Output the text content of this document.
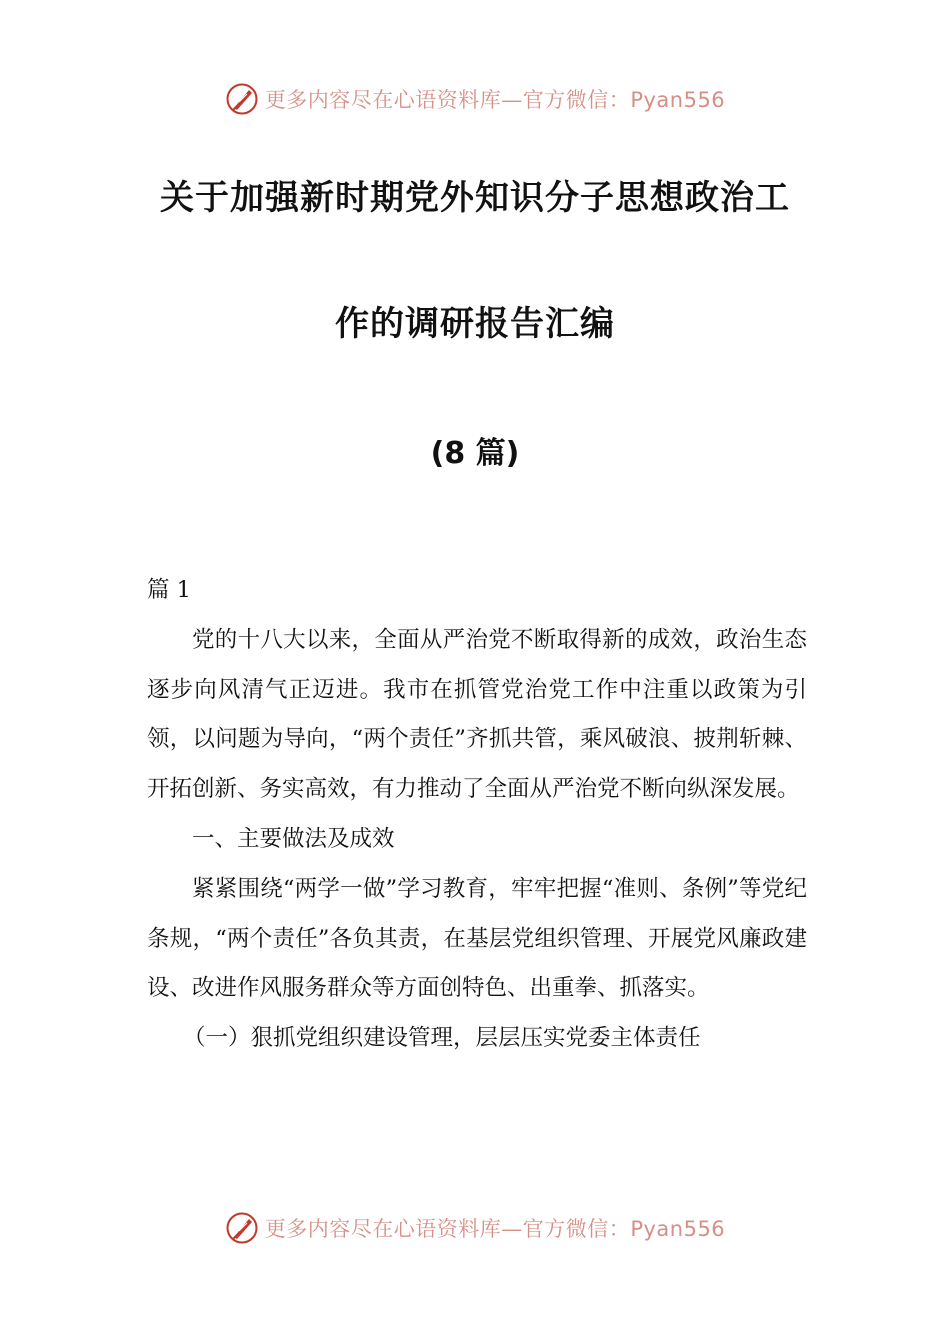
更多内容尽在心语资料库—官方微信：Pyan556
关于加强新时期党外知识分子思想政治工
作的调研报告汇编
(8 篇)

篇 1

党的十八大以来，全面从严治党不断取得新的成效，政治生态逐步向风清气正迈进。我市在抓管党治党工作中注重以政策为引领，以问题为导向，“两个责任”齐抓共管，乘风破浪、披荆斩棘、开拓创新、务实高效，有力推动了全面从严治党不断向纵深发展。

一、主要做法及成效

紧紧围绕“两学一做”学习教育，牢牢把握“准则、条例”等党纪条规，“两个责任”各负其责，在基层党组织管理、开展党风廉政建设、改进作风服务群众等方面创特色、出重拳、抓落实。

（一）狠抓党组织建设管理，层层压实党委主体责任

更多内容尽在心语资料库—官方微信：Pyan556
